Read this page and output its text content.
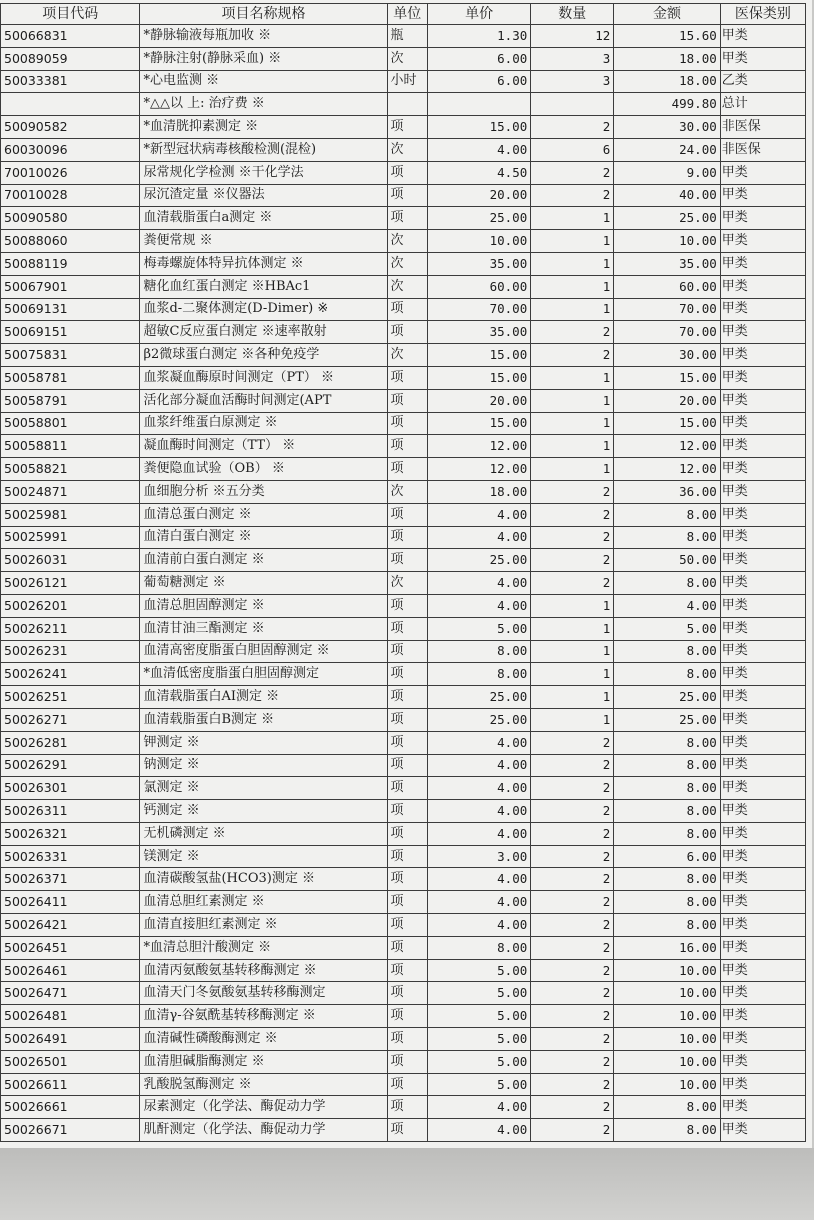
项目代码	项目名称规格	单位	单价	数量	金额	医保类别
50066831	*静脉输液每瓶加收 ※	瓶	1.30	12	15.60	甲类
50089059	*静脉注射(静脉采血) ※	次	6.00	3	18.00	甲类
50033381	*心电监测 ※	小时	6.00	3	18.00	乙类
	*△△以 上: 治疗费 ※				499.80	总计
50090582	*血清胱抑素测定 ※	项	15.00	2	30.00	非医保
60030096	*新型冠状病毒核酸检测(混检)	次	4.00	6	24.00	非医保
70010026	尿常规化学检测 ※干化学法	项	4.50	2	9.00	甲类
70010028	尿沉渣定量 ※仪器法	项	20.00	2	40.00	甲类
50090580	血清载脂蛋白a测定 ※	项	25.00	1	25.00	甲类
50088060	粪便常规 ※	次	10.00	1	10.00	甲类
50088119	梅毒螺旋体特异抗体测定 ※	次	35.00	1	35.00	甲类
50067901	糖化血红蛋白测定 ※HBAc1	次	60.00	1	60.00	甲类
50069131	血浆d-二聚体测定(D-Dimer) ※	项	70.00	1	70.00	甲类
50069151	超敏C反应蛋白测定 ※速率散射	项	35.00	2	70.00	甲类
50075831	β2微球蛋白测定 ※各种免疫学	次	15.00	2	30.00	甲类
50058781	血浆凝血酶原时间测定（PT） ※	项	15.00	1	15.00	甲类
50058791	活化部分凝血活酶时间测定(APT	项	20.00	1	20.00	甲类
50058801	血浆纤维蛋白原测定 ※	项	15.00	1	15.00	甲类
50058811	凝血酶时间测定（TT） ※	项	12.00	1	12.00	甲类
50058821	粪便隐血试验（OB） ※	项	12.00	1	12.00	甲类
50024871	血细胞分析 ※五分类	次	18.00	2	36.00	甲类
50025981	血清总蛋白测定 ※	项	4.00	2	8.00	甲类
50025991	血清白蛋白测定 ※	项	4.00	2	8.00	甲类
50026031	血清前白蛋白测定 ※	项	25.00	2	50.00	甲类
50026121	葡萄糖测定 ※	次	4.00	2	8.00	甲类
50026201	血清总胆固醇测定 ※	项	4.00	1	4.00	甲类
50026211	血清甘油三酯测定 ※	项	5.00	1	5.00	甲类
50026231	血清高密度脂蛋白胆固醇测定 ※	项	8.00	1	8.00	甲类
50026241	*血清低密度脂蛋白胆固醇测定	项	8.00	1	8.00	甲类
50026251	血清载脂蛋白AⅠ测定 ※	项	25.00	1	25.00	甲类
50026271	血清载脂蛋白B测定 ※	项	25.00	1	25.00	甲类
50026281	钾测定 ※	项	4.00	2	8.00	甲类
50026291	钠测定 ※	项	4.00	2	8.00	甲类
50026301	氯测定 ※	项	4.00	2	8.00	甲类
50026311	钙测定 ※	项	4.00	2	8.00	甲类
50026321	无机磷测定 ※	项	4.00	2	8.00	甲类
50026331	镁测定 ※	项	3.00	2	6.00	甲类
50026371	血清碳酸氢盐(HCO3)测定 ※	项	4.00	2	8.00	甲类
50026411	血清总胆红素测定 ※	项	4.00	2	8.00	甲类
50026421	血清直接胆红素测定 ※	项	4.00	2	8.00	甲类
50026451	*血清总胆汁酸测定 ※	项	8.00	2	16.00	甲类
50026461	血清丙氨酸氨基转移酶测定 ※	项	5.00	2	10.00	甲类
50026471	血清天门冬氨酸氨基转移酶测定	项	5.00	2	10.00	甲类
50026481	血清γ-谷氨酰基转移酶测定 ※	项	5.00	2	10.00	甲类
50026491	血清碱性磷酸酶测定 ※	项	5.00	2	10.00	甲类
50026501	血清胆碱脂酶测定 ※	项	5.00	2	10.00	甲类
50026611	乳酸脱氢酶测定 ※	项	5.00	2	10.00	甲类
50026661	尿素测定（化学法、酶促动力学	项	4.00	2	8.00	甲类
50026671	肌酐测定（化学法、酶促动力学	项	4.00	2	8.00	甲类
